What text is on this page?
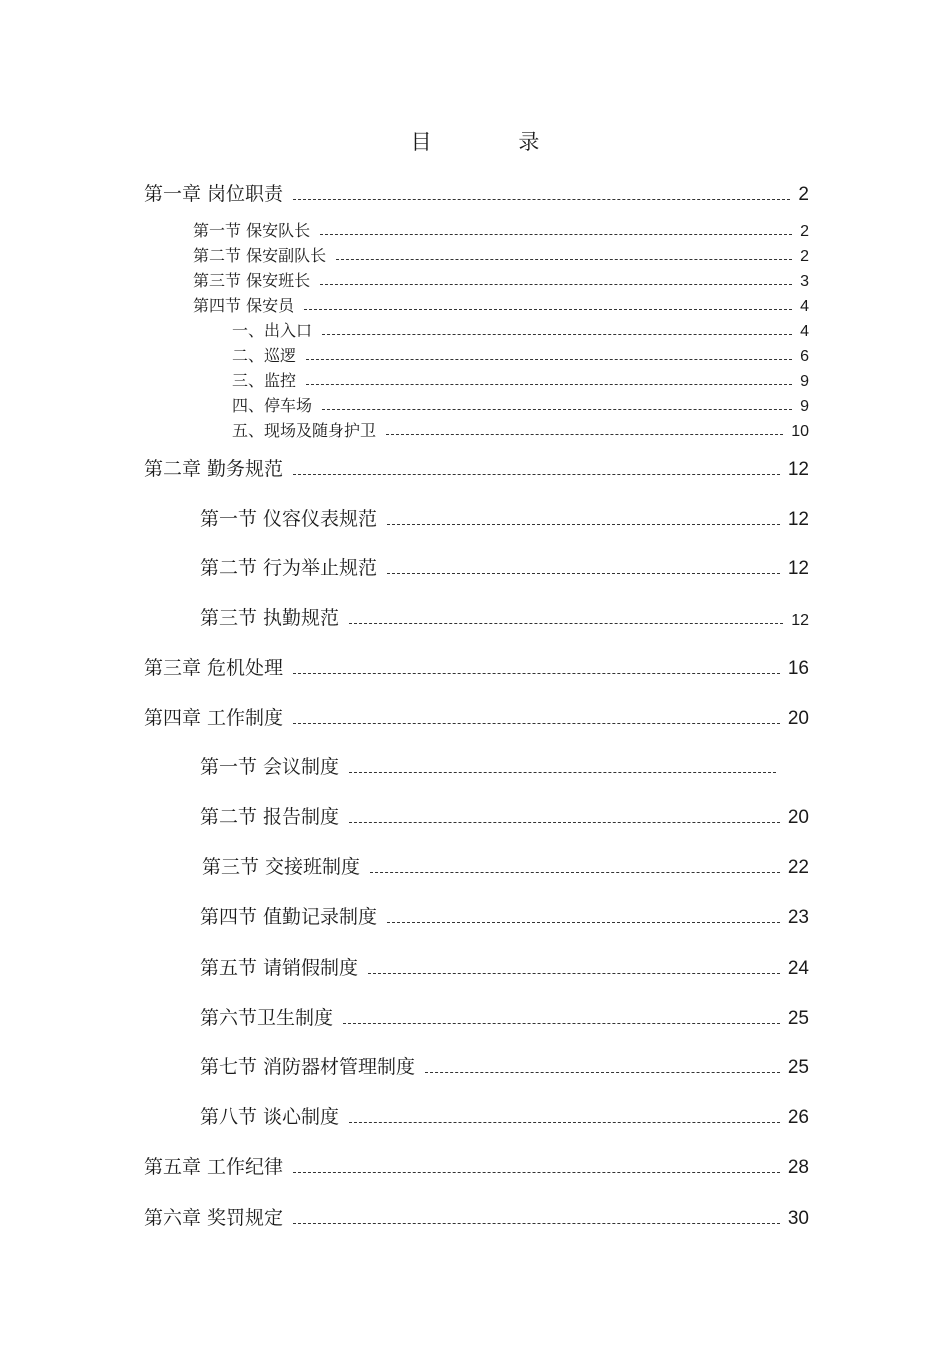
目 录
第一章 岗位职责	2
第一节 保安队长	2
第二节 保安副队长	2
第三节 保安班长	3
第四节 保安员	4
一、出入口	4
二、巡逻	6
三、监控	9
四、停车场	9
五、现场及随身护卫	10
第二章 勤务规范	12
第一节 仪容仪表规范	12
第二节 行为举止规范	12
第三节 执勤规范	12
第三章 危机处理	16
第四章 工作制度	20
第一节 会议制度
第二节 报告制度	20
第三节 交接班制度	22
第四节 值勤记录制度	23
第五节 请销假制度	24
第六节卫生制度	25
第七节 消防器材管理制度	25
第八节 谈心制度	26
第五章 工作纪律	28
第六章 奖罚规定	30
